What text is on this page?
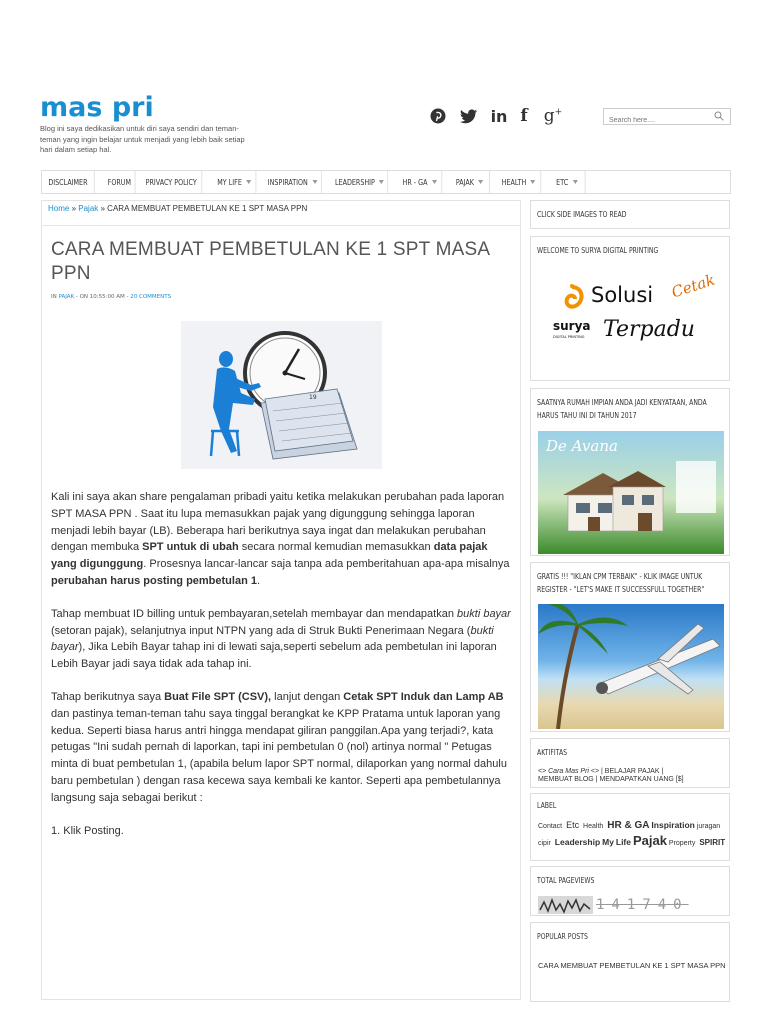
mas pri
Blog ini saya dedikasikan untuk diri saya sendiri dan teman-teman yang ingin belajar untuk menjadi yang lebih baik setiap hari dalam setiap hal.
in f g+
Search here....
DISCLAIMER	FORUM PRIVACY POLICY	MY LIFE	INSPIRATION	LEADERSHIP	HR - GA	PAJAK	HEALTH	ETC
Home » Pajak » CARA MEMBUAT PEMBETULAN KE 1 SPT MASA PPN
CARA MEMBUAT PEMBETULAN KE 1 SPT MASA PPN
IN PAJAK - ON 10:55:00 AM - 20 COMMENTS
19

Kali ini saya akan share pengalaman pribadi yaitu ketika melakukan perubahan pada laporan SPT MASA PPN . Saat itu lupa memasukkan pajak yang digunggung sehingga laporan menjadi lebih bayar (LB). Beberapa hari berikutnya saya ingat dan melakukan perubahan dengan membuka SPT untuk di ubah secara normal kemudian memasukkan data pajak yang digunggung. Prosesnya lancar-lancar saja tanpa ada pemberitahuan apa-apa misalnya perubahan harus posting pembetulan 1.

Tahap membuat ID billing untuk pembayaran,setelah membayar dan mendapatkan bukti bayar (setoran pajak), selanjutnya input NTPN yang ada di Struk Bukti Penerimaan Negara (bukti bayar), Jika Lebih Bayar tahap ini di lewati saja,seperti sebelum ada pembetulan ini laporan Lebih Bayar jadi saya tidak ada tahap ini.

Tahap berikutnya saya Buat File SPT (CSV), lanjut dengan Cetak SPT Induk dan Lamp AB dan pastinya teman-teman tahu saya tinggal berangkat ke KPP Pratama untuk laporan yang kedua. Seperti biasa harus antri hingga mendapat giliran panggilan.Apa yang terjadi?, kata petugas "Ini sudah pernah di laporkan, tapi ini pembetulan 0 (nol) artinya normal " Petugas minta di buat pembetulan 1, (apabila belum lapor SPT normal, dilaporkan yang normal dahulu baru pembetulan ) dengan rasa kecewa saya kembali ke kantor. Seperti apa pembetulannya langsung saja sebagai berikut :

1. Klik Posting.

CLICK SIDE IMAGES TO READ
WELCOME TO SURYA DIGITAL PRINTING
surya
DIGITAL PRINTING
Solusi Cetak
Terpadu
SAATNYA RUMAH IMPIAN ANDA JADI KENYATAAN, ANDA HARUS TAHU INI DI TAHUN 2017
De Avana
GRATIS !!! "IKLAN CPM TERBAIK" - KLIK IMAGE UNTUK REGISTER - "LET'S MAKE IT SUCCESSFULL TOGETHER"
AKTIFITAS
<> Cara Mas Pri <> | BELAJAR PAJAK |
MEMBUAT BLOG | MENDAPATKAN UANG [$]
LABEL
Contact Etc Health HR & GA Inspiration juragan cipir Leadership My Life Pajak Property SPIRIT
TOTAL PAGEVIEWS
141740
POPULAR POSTS
CARA MEMBUAT PEMBETULAN KE 1 SPT MASA PPN
